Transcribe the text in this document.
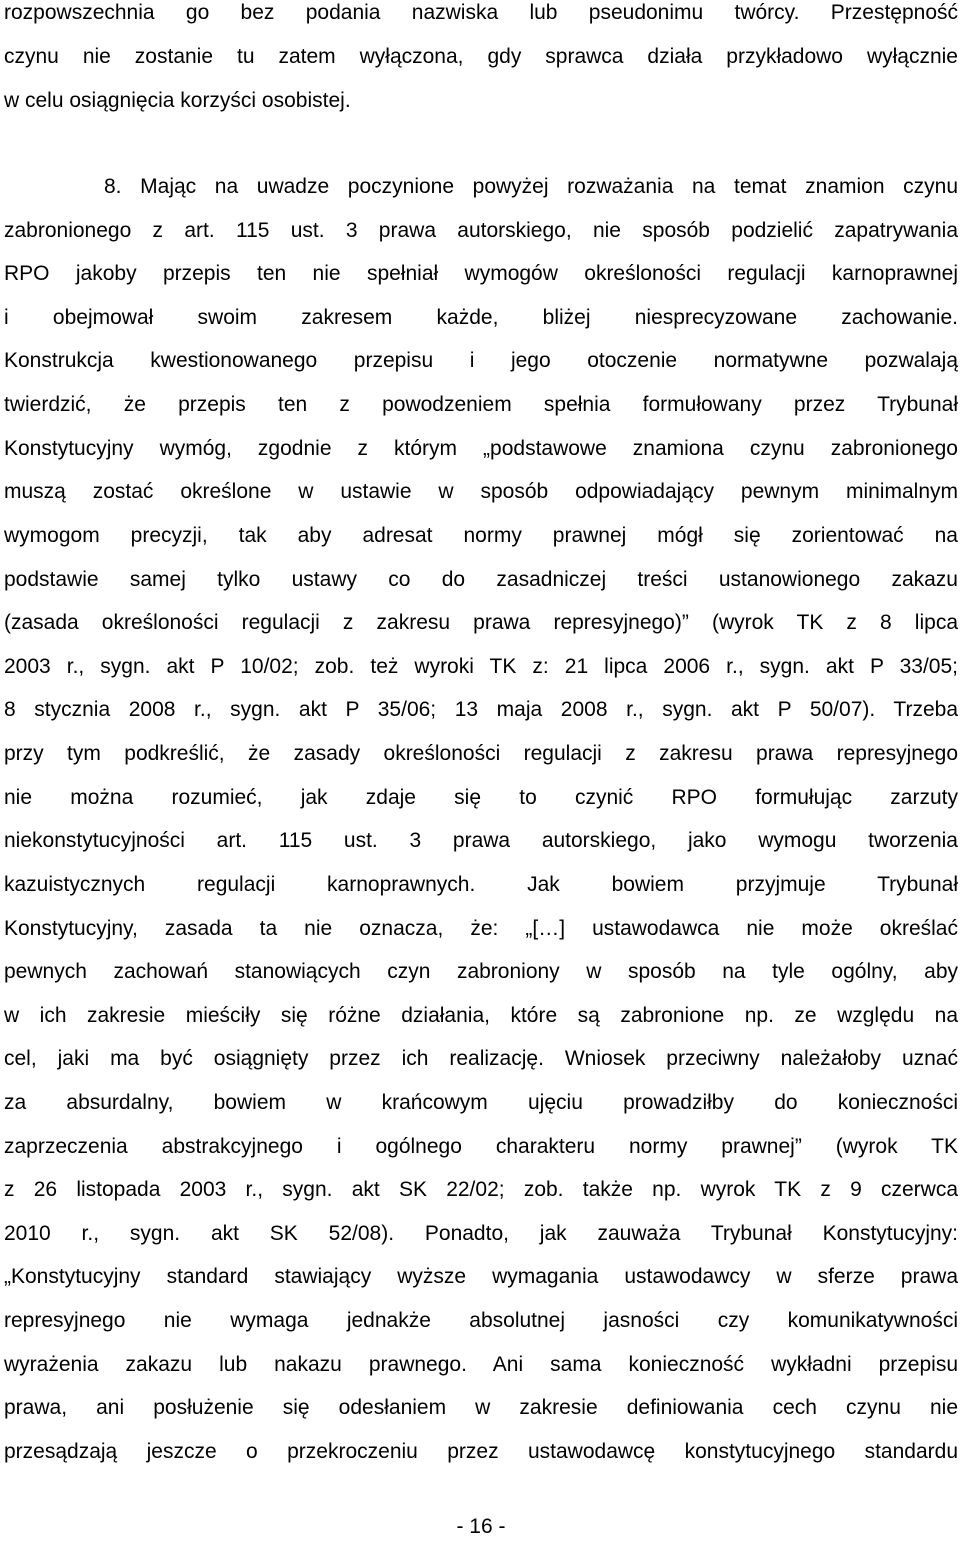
rozpowszechnia go bez podania nazwiska lub pseudonimu twórcy. Przestępność
czynu nie zostanie tu zatem wyłączona, gdy sprawca działa przykładowo wyłącznie
w celu osiągnięcia korzyści osobistej.
8. Mając na uwadze poczynione powyżej rozważania na temat znamion czynu
zabronionego z art. 115 ust. 3 prawa autorskiego, nie sposób podzielić zapatrywania
RPO jakoby przepis ten nie spełniał wymogów określoności regulacji karnoprawnej
i obejmował swoim zakresem każde, bliżej niesprecyzowane zachowanie.
Konstrukcja kwestionowanego przepisu i jego otoczenie normatywne pozwalają
twierdzić, że przepis ten z powodzeniem spełnia formułowany przez Trybunał
Konstytucyjny wymóg, zgodnie z którym „podstawowe znamiona czynu zabronionego
muszą zostać określone w ustawie w sposób odpowiadający pewnym minimalnym
wymogom precyzji, tak aby adresat normy prawnej mógł się zorientować na
podstawie samej tylko ustawy co do zasadniczej treści ustanowionego zakazu
(zasada określoności regulacji z zakresu prawa represyjnego)” (wyrok TK z 8 lipca
2003 r., sygn. akt P 10/02; zob. też wyroki TK z: 21 lipca 2006 r., sygn. akt P 33/05;
8 stycznia 2008 r., sygn. akt P 35/06; 13 maja 2008 r., sygn. akt P 50/07). Trzeba
przy tym podkreślić, że zasady określoności regulacji z zakresu prawa represyjnego
nie można rozumieć, jak zdaje się to czynić RPO formułując zarzuty
niekonstytucyjności art. 115 ust. 3 prawa autorskiego, jako wymogu tworzenia
kazuistycznych regulacji karnoprawnych. Jak bowiem przyjmuje Trybunał
Konstytucyjny, zasada ta nie oznacza, że: „[…] ustawodawca nie może określać
pewnych zachowań stanowiących czyn zabroniony w sposób na tyle ogólny, aby
w ich zakresie mieściły się różne działania, które są zabronione np. ze względu na
cel, jaki ma być osiągnięty przez ich realizację. Wniosek przeciwny należałoby uznać
za absurdalny, bowiem w krańcowym ujęciu prowadziłby do konieczności
zaprzeczenia abstrakcyjnego i ogólnego charakteru normy prawnej” (wyrok TK
z 26 listopada 2003 r., sygn. akt SK 22/02; zob. także np. wyrok TK z 9 czerwca
2010 r., sygn. akt SK 52/08). Ponadto, jak zauważa Trybunał Konstytucyjny:
„Konstytucyjny standard stawiający wyższe wymagania ustawodawcy w sferze prawa
represyjnego nie wymaga jednakże absolutnej jasności czy komunikatywności
wyrażenia zakazu lub nakazu prawnego. Ani sama konieczność wykładni przepisu
prawa, ani posłużenie się odesłaniem w zakresie definiowania cech czynu nie
przesądzają jeszcze o przekroczeniu przez ustawodawcę konstytucyjnego standardu
- 16 -
